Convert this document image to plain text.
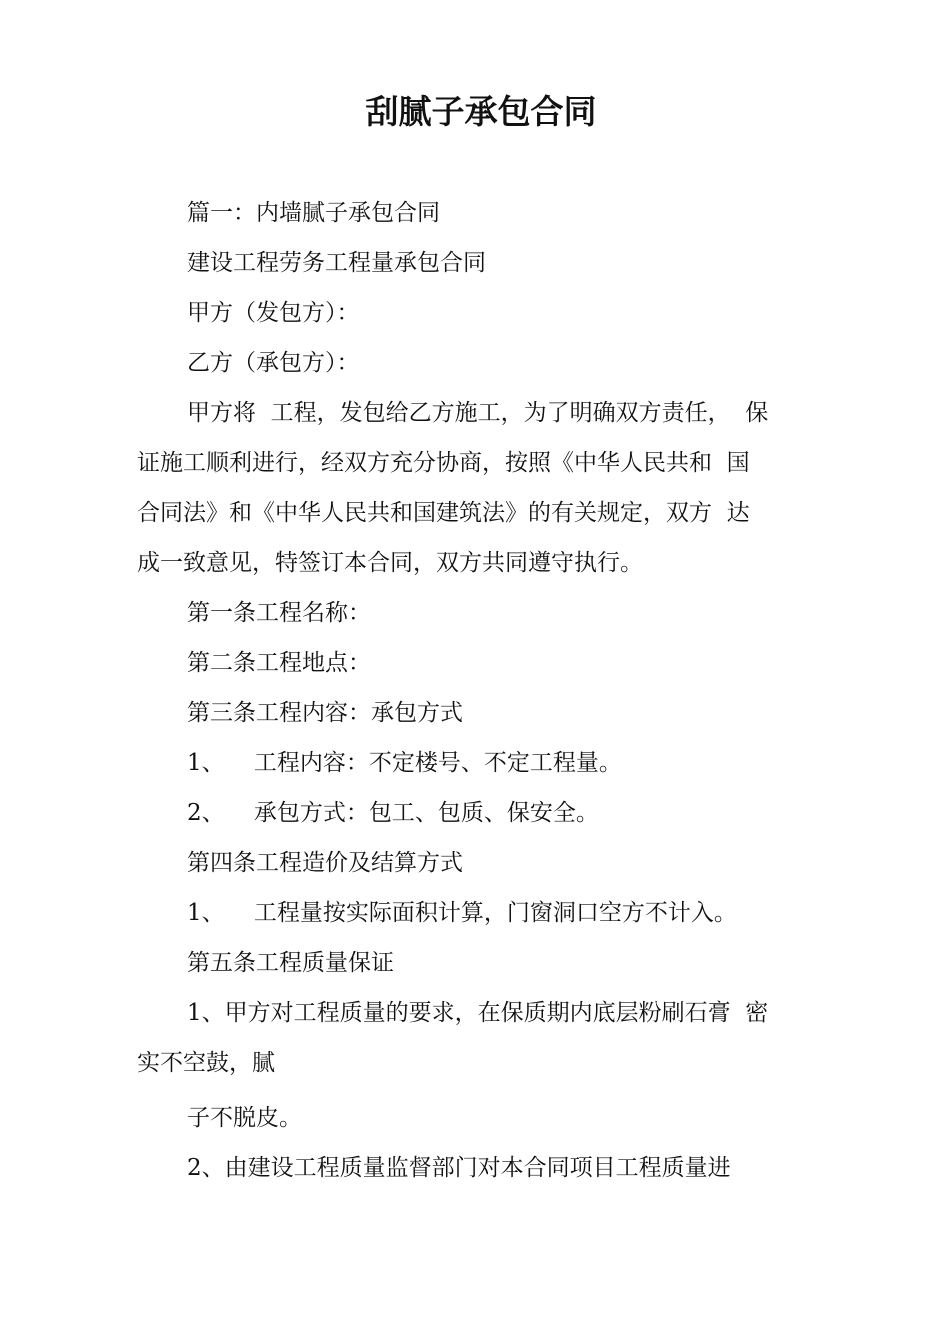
刮腻子承包合同
篇一：内墙腻子承包合同
建设工程劳务工程量承包合同
甲方（发包方）：
乙方（承包方）：
甲方将  工程，发包给乙方施工，为了明确双方责任，  保
证施工顺利进行，经双方充分协商，按照《中华人民共和  国
合同法》和《中华人民共和国建筑法》的有关规定，双方  达
成一致意见，特签订本合同，双方共同遵守执行。
第一条工程名称：
第二条工程地点：
第三条工程内容：承包方式
1、    工程内容：不定楼号、不定工程量。
2、    承包方式：包工、包质、保安全。
第四条工程造价及结算方式
1、    工程量按实际面积计算，门窗洞口空方不计入。
第五条工程质量保证
1、甲方对工程质量的要求，在保质期内底层粉刷石膏  密
实不空鼓，腻
子不脱皮。
2、由建设工程质量监督部门对本合同项目工程质量进
